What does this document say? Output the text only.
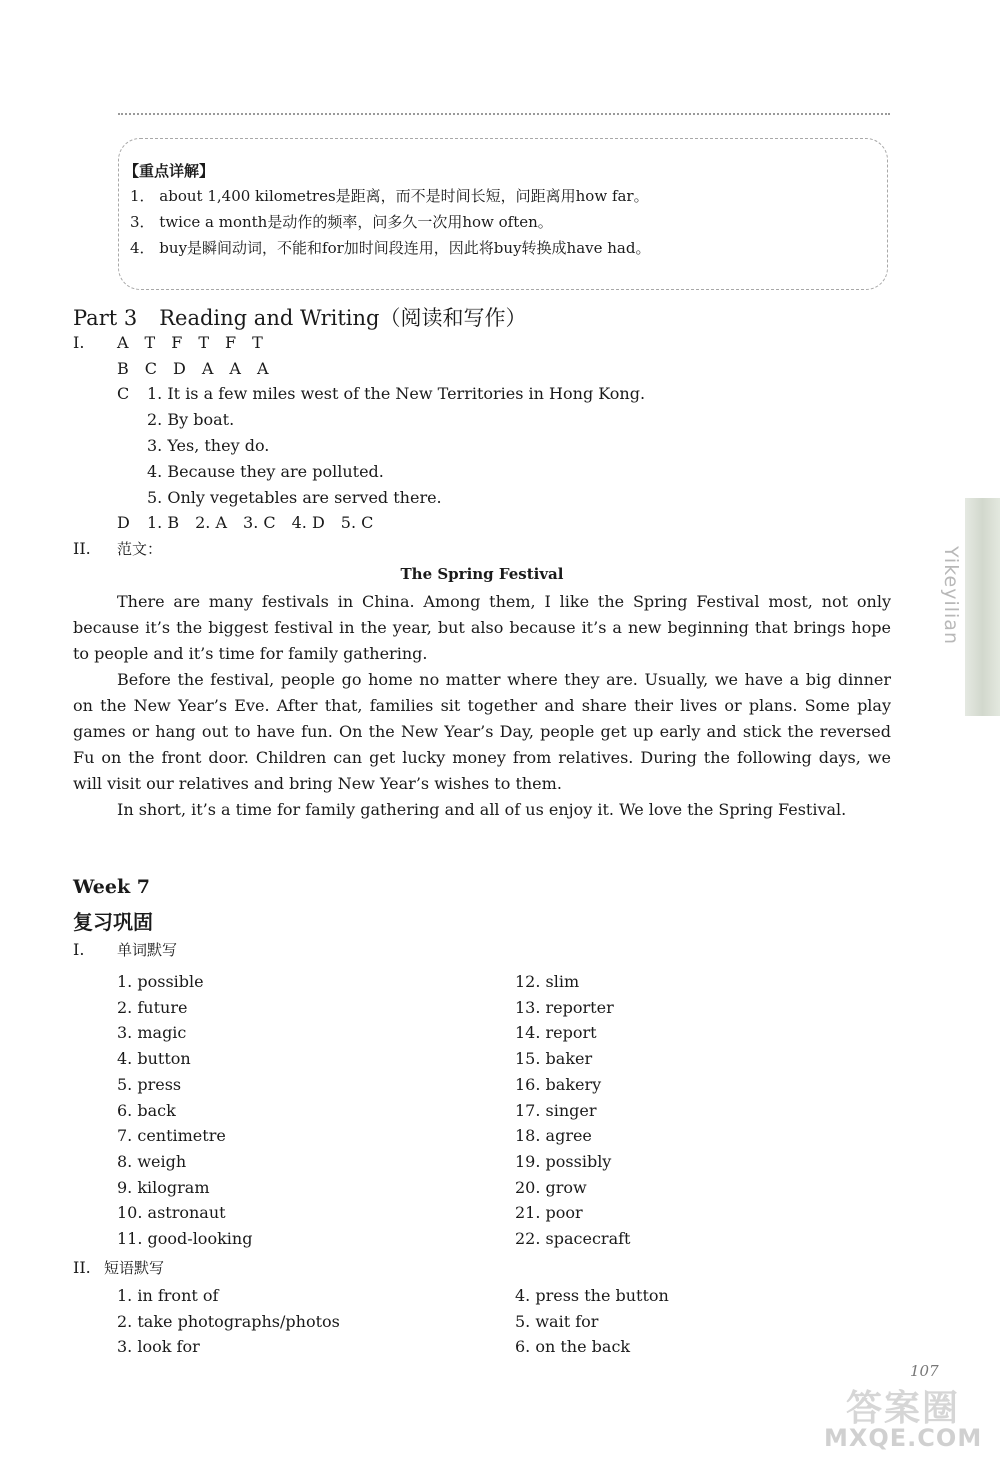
【重点详解】
1． about 1,400 kilometres是距离，而不是时间长短，问距离用how far。
3． twice a month是动作的频率，问多久一次用how often。
4． buy是瞬间动词，不能和for加时间段连用，因此将buy转换成have had。
Part 3 Reading and Writing（阅读和写作）
I. A　T　F　T　F　T
B　C　D　A　A　A
C 1. It is a few miles west of the New Territories in Hong Kong.
2. By boat.
3. Yes, they do.
4. Because they are polluted.
5. Only vegetables are served there.
D 1. B　2. A　3. C　4. D　5. C
II. 范文：
The Spring Festival
There are many festivals in China. Among them, I like the Spring Festival most, not only because it’s the biggest festival in the year, but also because it’s a new beginning that brings hope to people and it’s time for family gathering.
Before the festival, people go home no matter where they are. Usually, we have a big dinner on the New Year’s Eve. After that, families sit together and share their lives or plans. Some play games or hang out to have fun. On the New Year’s Day, people get up early and stick the reversed Fu on the front door. Children can get lucky money from relatives. During the following days, we will visit our relatives and bring New Year’s wishes to them.
In short, it’s a time for family gathering and all of us enjoy it. We love the Spring Festival.
Week 7
复习巩固
I. 单词默写
1. possible
2. future
3. magic
4. button
5. press
6. back
7. centimetre
8. weigh
9. kilogram
10. astronaut
11. good-looking
12. slim
13. reporter
14. report
15. baker
16. bakery
17. singer
18. agree
19. possibly
20. grow
21. poor
22. spacecraft
II. 短语默写
1. in front of
2. take photographs/photos
3. look for
4. press the button
5. wait for
6. on the back
Yikeyilian
107
答案圈
MXQE.COM
